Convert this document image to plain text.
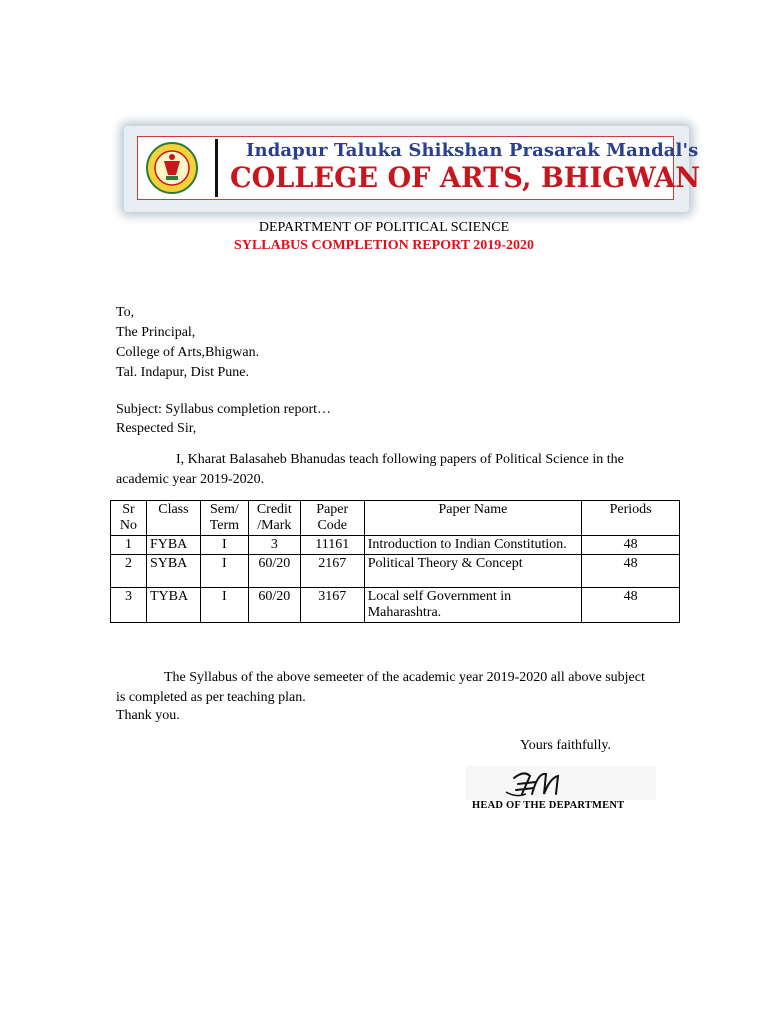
Indapur Taluka Shikshan Prasarak Mandal's
COLLEGE OF ARTS, BHIGWAN
DEPARTMENT OF POLITICAL SCIENCE
SYLLABUS COMPLETION REPORT 2019-2020
To,
The Principal,
College of Arts,Bhigwan.
Tal. Indapur, Dist Pune.
Subject: Syllabus completion report…
Respected Sir,
I, Kharat Balasaheb Bhanudas teach following papers of Political Science in the academic year 2019-2020.
Sr No	Class	Sem/ Term	Credit /Mark	Paper Code	Paper Name	Periods
1	FYBA	I	3	11161	Introduction to Indian Constitution.	48
2	SYBA	I	60/20	2167	Political Theory & Concept	48
3	TYBA	I	60/20	3167	Local self Government in Maharashtra.	48
The Syllabus of the above semeeter of the academic year 2019-2020 all above subject is completed as per teaching plan.
Thank you.
Yours faithfully.
HEAD OF THE DEPARTMENT
